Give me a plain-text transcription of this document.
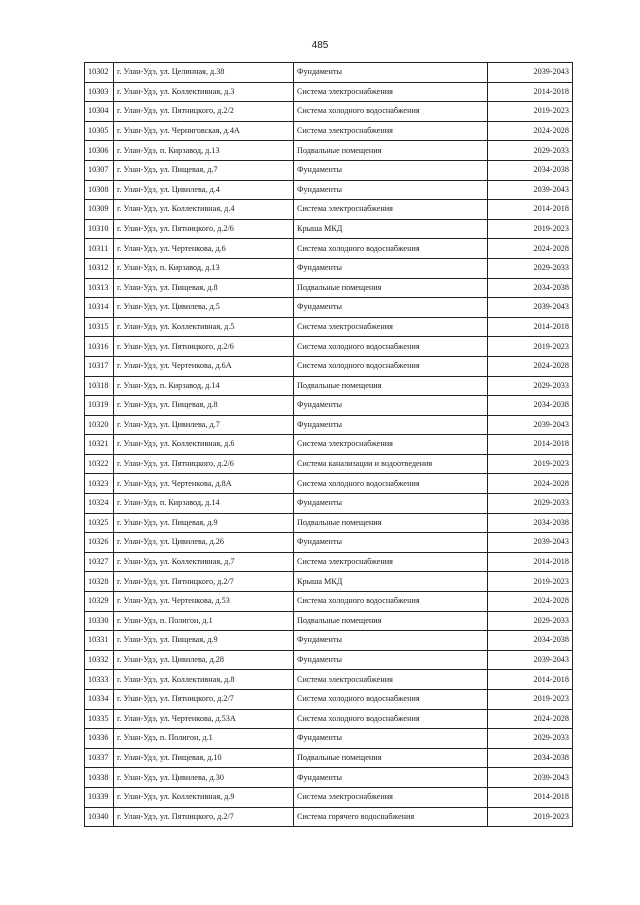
485
10302	г. Улан-Удэ, ул. Целинная, д.38	Фундаменты	2039-2043
10303	г. Улан-Удэ, ул. Коллективная, д.3	Система электроснабжения	2014-2018
10304	г. Улан-Удэ, ул. Пятницкого, д.2/2	Система холодного водоснабжения	2019-2023
10305	г. Улан-Удэ, ул. Черниговская, д.4А	Система электроснабжения	2024-2028
10306	г. Улан-Удэ, п. Кирзавод, д.13	Подвальные помещения	2029-2033
10307	г. Улан-Удэ, ул. Пищевая, д.7	Фундаменты	2034-2038
10308	г. Улан-Удэ, ул. Цивилева, д.4	Фундаменты	2039-2043
10309	г. Улан-Удэ, ул. Коллективная, д.4	Система электроснабжения	2014-2018
10310	г. Улан-Удэ, ул. Пятницкого, д.2/6	Крыша МКД	2019-2023
10311	г. Улан-Удэ, ул. Чертенкова, д.6	Система холодного водоснабжения	2024-2028
10312	г. Улан-Удэ, п. Кирзавод, д.13	Фундаменты	2029-2033
10313	г. Улан-Удэ, ул. Пищевая, д.8	Подвальные помещения	2034-2038
10314	г. Улан-Удэ, ул. Цивилева, д.5	Фундаменты	2039-2043
10315	г. Улан-Удэ, ул. Коллективная, д.5	Система электроснабжения	2014-2018
10316	г. Улан-Удэ, ул. Пятницкого, д.2/6	Система холодного водоснабжения	2019-2023
10317	г. Улан-Удэ, ул. Чертенкова, д.6А	Система холодного водоснабжения	2024-2028
10318	г. Улан-Удэ, п. Кирзавод, д.14	Подвальные помещения	2029-2033
10319	г. Улан-Удэ, ул. Пищевая, д.8	Фундаменты	2034-2038
10320	г. Улан-Удэ, ул. Цивилева, д.7	Фундаменты	2039-2043
10321	г. Улан-Удэ, ул. Коллективная, д.6	Система электроснабжения	2014-2018
10322	г. Улан-Удэ, ул. Пятницкого, д.2/6	Система канализации и водоотведения	2019-2023
10323	г. Улан-Удэ, ул. Чертенкова, д.8А	Система холодного водоснабжения	2024-2028
10324	г. Улан-Удэ, п. Кирзавод, д.14	Фундаменты	2029-2033
10325	г. Улан-Удэ, ул. Пищевая, д.9	Подвальные помещения	2034-2038
10326	г. Улан-Удэ, ул. Цивилева, д.26	Фундаменты	2039-2043
10327	г. Улан-Удэ, ул. Коллективная, д.7	Система электроснабжения	2014-2018
10328	г. Улан-Удэ, ул. Пятницкого, д.2/7	Крыша МКД	2019-2023
10329	г. Улан-Удэ, ул. Чертенкова, д.53	Система холодного водоснабжения	2024-2028
10330	г. Улан-Удэ, п. Полигон, д.1	Подвальные помещения	2029-2033
10331	г. Улан-Удэ, ул. Пищевая, д.9	Фундаменты	2034-2038
10332	г. Улан-Удэ, ул. Цивилева, д.28	Фундаменты	2039-2043
10333	г. Улан-Удэ, ул. Коллективная, д.8	Система электроснабжения	2014-2018
10334	г. Улан-Удэ, ул. Пятницкого, д.2/7	Система холодного водоснабжения	2019-2023
10335	г. Улан-Удэ, ул. Чертенкова, д.53А	Система холодного водоснабжения	2024-2028
10336	г. Улан-Удэ, п. Полигон, д.1	Фундаменты	2029-2033
10337	г. Улан-Удэ, ул. Пищевая, д.10	Подвальные помещения	2034-2038
10338	г. Улан-Удэ, ул. Цивилева, д.30	Фундаменты	2039-2043
10339	г. Улан-Удэ, ул. Коллективная, д.9	Система электроснабжения	2014-2018
10340	г. Улан-Удэ, ул. Пятницкого, д.2/7	Система горячего водоснабжения	2019-2023
